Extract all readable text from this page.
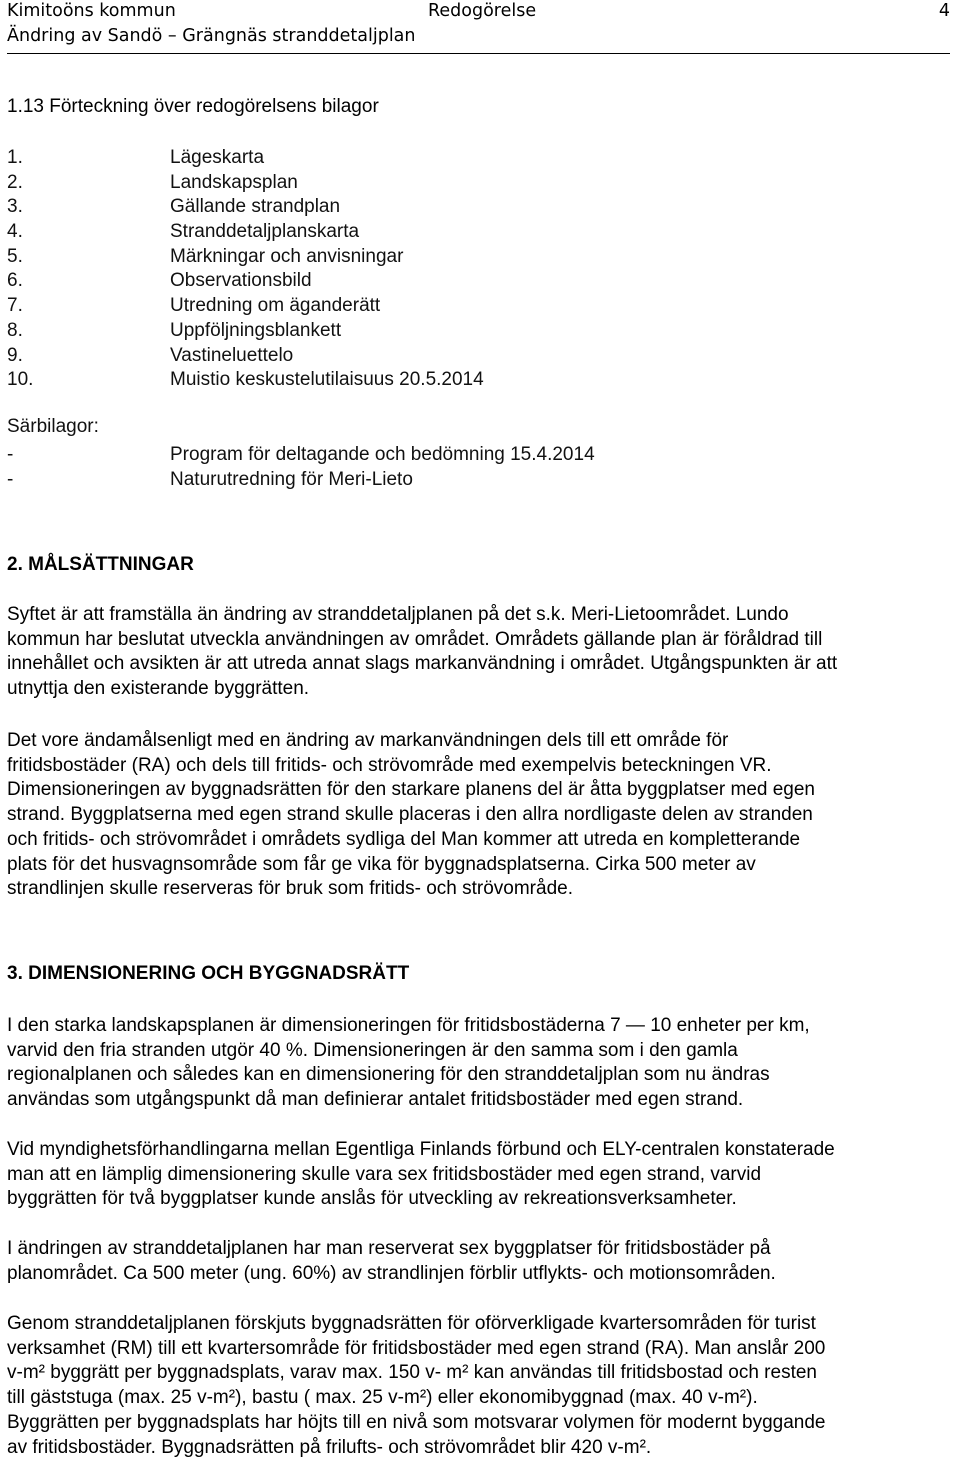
Kimitoöns kommun
Ändring av Sandö – Grängnäs stranddetaljplan
Redogörelse	4
1.13 Förteckning över redogörelsens bilagor
1.	Lägeskarta
2.	Landskapsplan
3.	Gällande strandplan
4.	Stranddetaljplanskarta
5.	Märkningar och anvisningar
6.	Observationsbild
7.	Utredning om äganderätt
8.	Uppföljningsblankett
9.	Vastineluettelo
10.	Muistio keskustelutilaisuus 20.5.2014
Särbilagor:
-	Program för deltagande och bedömning 15.4.2014
-	Naturutredning för Meri-Lieto
2. MÅLSÄTTNINGAR

Syftet är att framställa än ändring av stranddetaljplanen på det s.k. Meri-Lietoområdet. Lundo
kommun har beslutat utveckla användningen av området. Områdets gällande plan är föråldrad till
innehållet och avsikten är att utreda annat slags markanvändning i området. Utgångspunkten är att
utnyttja den existerande byggrätten.

Det vore ändamålsenligt med en ändring av markanvändningen dels till ett område för
fritidsbostäder (RA) och dels till fritids- och strövområde med exempelvis beteckningen VR.
Dimensioneringen av byggnadsrätten för den starkare planens del är åtta byggplatser med egen
strand. Byggplatserna med egen strand skulle placeras i den allra nordligaste delen av stranden
och fritids- och strövområdet i områdets sydliga del Man kommer att utreda en kompletterande
plats för det husvagnsområde som får ge vika för byggnadsplatserna. Cirka 500 meter av
strandlinjen skulle reserveras för bruk som fritids- och strövområde.

3. DIMENSIONERING OCH BYGGNADSRÄTT

I den starka landskapsplanen är dimensioneringen för fritidsbostäderna 7 — 10 enheter per km,
varvid den fria stranden utgör 40 %. Dimensioneringen är den samma som i den gamla
regionalplanen och således kan en dimensionering för den stranddetaljplan som nu ändras
användas som utgångspunkt då man definierar antalet fritidsbostäder med egen strand.

Vid myndighetsförhandlingarna mellan Egentliga Finlands förbund och ELY-centralen konstaterade
man att en lämplig dimensionering skulle vara sex fritidsbostäder med egen strand, varvid
byggrätten för två byggplatser kunde anslås för utveckling av rekreationsverksamheter.

I ändringen av stranddetaljplanen har man reserverat sex byggplatser för fritidsbostäder på
planområdet. Ca 500 meter (ung. 60%) av strandlinjen förblir utflykts- och motionsområden.

Genom stranddetaljplanen förskjuts byggnadsrätten för oförverkligade kvartersområden för turist
verksamhet (RM) till ett kvartersområde för fritidsbostäder med egen strand (RA). Man anslår 200
v-m² byggrätt per byggnadsplats, varav max. 150 v- m² kan användas till fritidsbostad och resten
till gäststuga (max. 25 v-m²), bastu ( max. 25 v-m²) eller ekonomibyggnad (max. 40 v-m²).
Byggrätten per byggnadsplats har höjts till en nivå som motsvarar volymen för modernt byggande
av fritidsbostäder. Byggnadsrätten på frilufts- och strövområdet blir 420 v-m².
